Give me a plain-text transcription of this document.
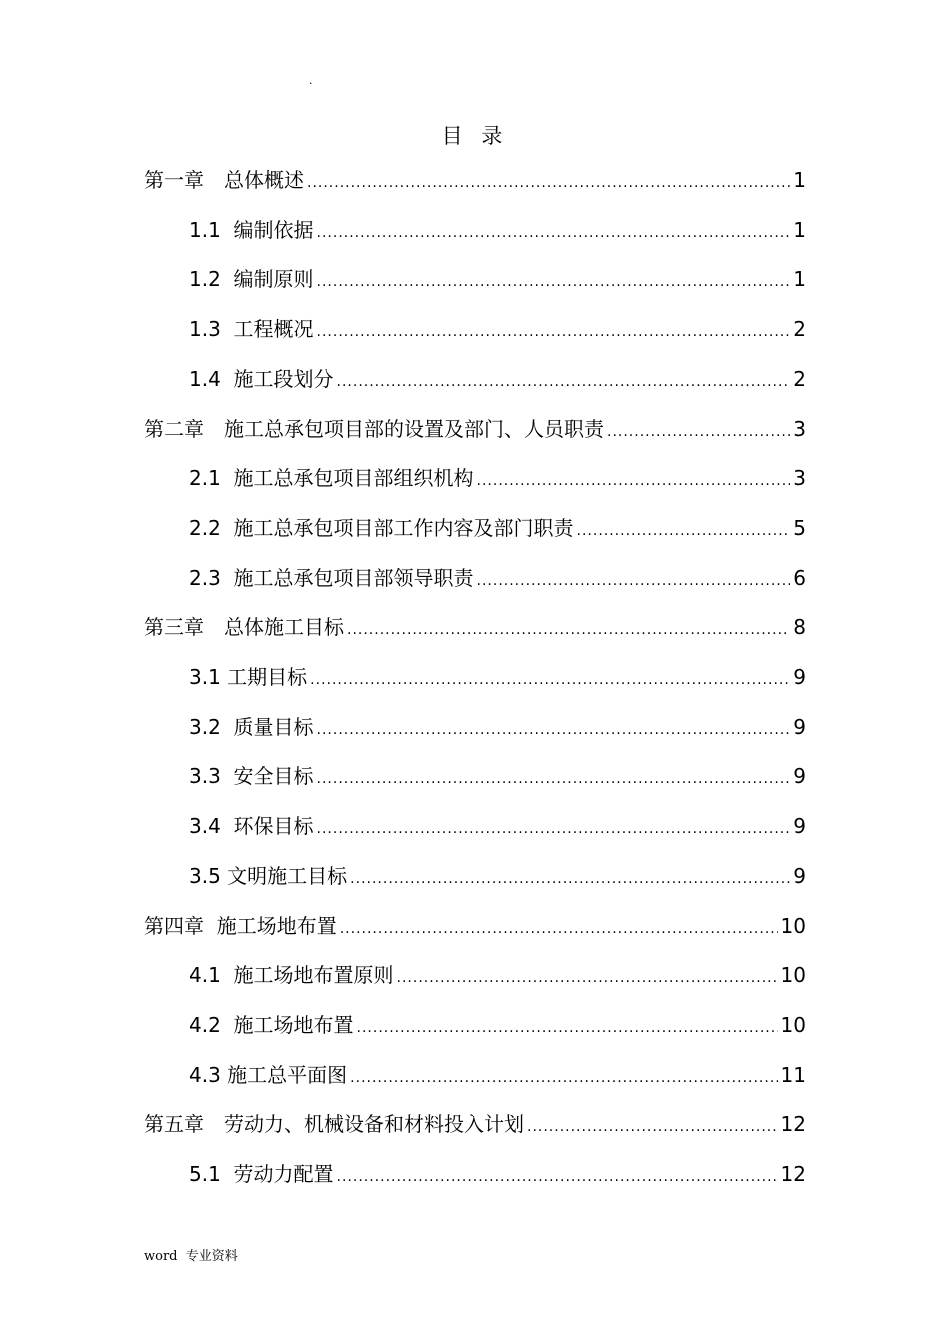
.
目 录
第一章　总体概述 .....	1
1.1  编制依据 .....	1
1.2  编制原则 .....	1
1.3  工程概况 .....	2
1.4  施工段划分 .....	2
第二章　施工总承包项目部的设置及部门、人员职责 .....	3
2.1  施工总承包项目部组织机构 .....	3
2.2  施工总承包项目部工作内容及部门职责 .....	5
2.3  施工总承包项目部领导职责 .....	6
第三章　总体施工目标 .....	8
3.1 工期目标 .....	9
3.2  质量目标 .....	9
3.3  安全目标 .....	9
3.4  环保目标 .....	9
3.5 文明施工目标 .....	9
第四章  施工场地布置 .....	10
4.1  施工场地布置原则 .....	10
4.2  施工场地布置 .....	10
4.3 施工总平面图 .....	11
第五章　劳动力、机械设备和材料投入计划 .....	12
5.1  劳动力配置 .....	12
word  专业资料
